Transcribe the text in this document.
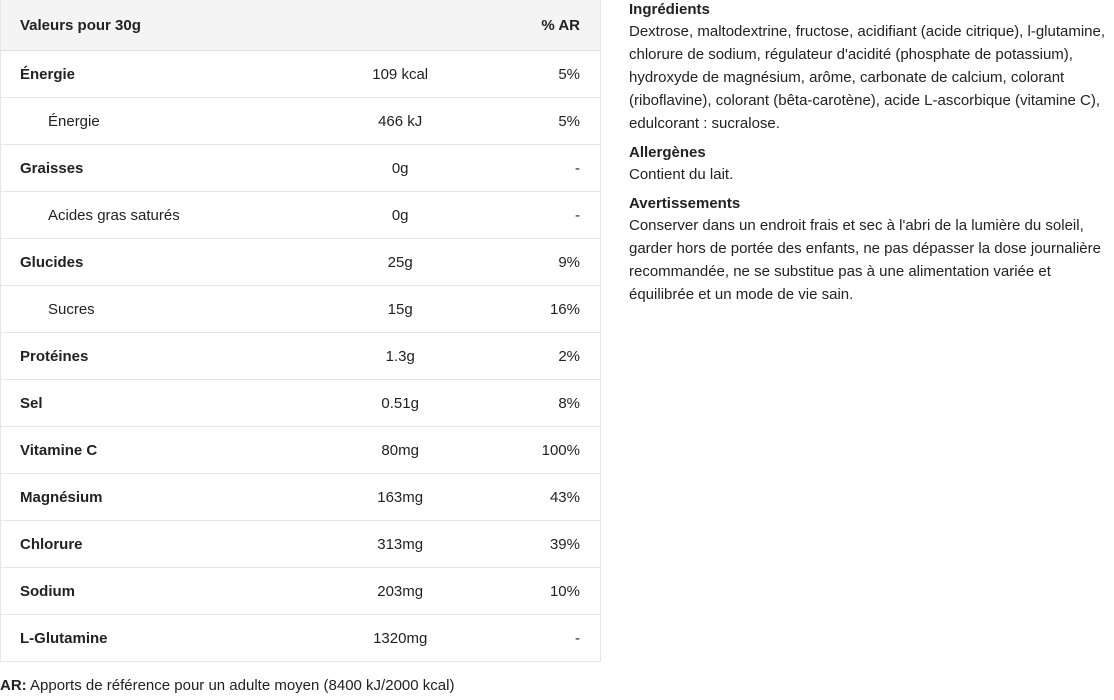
Valeurs pour 30g		% AR
Énergie	109 kcal	5%
Énergie	466 kJ	5%
Graisses	0g	-
Acides gras saturés	0g	-
Glucides	25g	9%
Sucres	15g	16%
Protéines	1.3g	2%
Sel	0.51g	8%
Vitamine C	80mg	100%
Magnésium	163mg	43%
Chlorure	313mg	39%
Sodium	203mg	10%
L-Glutamine	1320mg	-
AR: Apports de référence pour un adulte moyen (8400 kJ/2000 kcal)
Ingrédients

Dextrose, maltodextrine, fructose, acidifiant (acide citrique), l-glutamine, chlorure de sodium, régulateur d'acidité (phosphate de potassium), hydroxyde de magnésium, arôme, carbonate de calcium, colorant (riboflavine), colorant (bêta-carotène), acide L-ascorbique (vitamine C), edulcorant : sucralose.

Allergènes

Contient du lait.

Avertissements

Conserver dans un endroit frais et sec à l'abri de la lumière du soleil, garder hors de portée des enfants, ne pas dépasser la dose journalière recommandée, ne se substitue pas à une alimentation variée et équilibrée et un mode de vie sain.
